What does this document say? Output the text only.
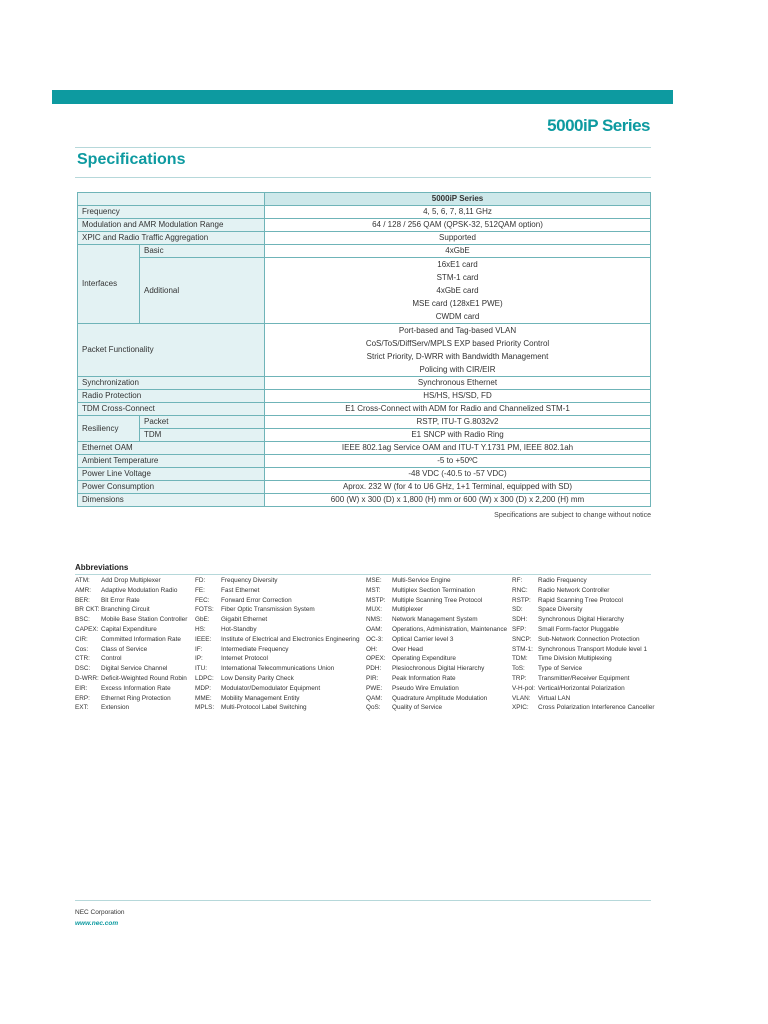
5000iP Series
Specifications
		5000iP Series
Frequency		4, 5, 6, 7, 8,11 GHz
Modulation and AMR Modulation Range		64 / 128 / 256 QAM (QPSK-32, 512QAM option)
XPIC and Radio Traffic Aggregation		Supported
Interfaces	Basic	4xGbE
	Additional	16xE1 card
STM-1 card
4xGbE card
MSE card (128xE1 PWE)
CWDM card

Packet Functionality		Port-based and Tag-based VLAN
CoS/ToS/DiffServ/MPLS EXP based Priority Control
Strict Priority, D-WRR with Bandwidth Management
Policing with CIR/EIR

Synchronization		Synchronous Ethernet
Radio Protection		HS/HS, HS/SD, FD
TDM Cross-Connect		E1 Cross-Connect with ADM for Radio and Channelized STM-1
Resiliency	Packet	RSTP, ITU-T G.8032v2
	TDM	E1 SNCP with Radio Ring
Ethernet OAM		IEEE 802.1ag Service OAM and ITU-T Y.1731 PM, IEEE 802.1ah
Ambient Temperature		-5 to +50ºC
Power Line Voltage		-48 VDC (-40.5 to -57 VDC)
Power Consumption		Aprox. 232 W (for 4 to U6 GHz, 1+1 Terminal, equipped with SD)
Dimensions		600 (W) x 300 (D) x 1,800 (H) mm or 600 (W) x 300 (D) x 2,200 (H) mm
Specifications are subject to change without notice
Abbreviations
ATM: Add Drop Multiplexer
AMR: Adaptive Modulation Radio
BER: Bit Error Rate
BR CKT:Branching Circuit
BSC: Mobile Base Station Controller
CAPEX: Capital Expenditure
CIR: Committed Information Rate
Cos: Class of Service
CTR: Control
DSC: Digital Service Channel
D-WRR: Deficit-Weighted Round Robin
EIR: Excess Information Rate
ERP: Ethernet Ring Protection
EXT: Extension
FD: Frequency Diversity
FE:	Fast Ethernet
FEC: Forward Error Correction
FOTS: Fiber Optic Transmission System
GbE: Gigabit Ethernet
HS: Hot-Standby
IEEE: Institute of Electrical and Electronics Engineering
IF:	Intermediate Frequency
IP:	Internet Protocol
ITU: International Telecommunications Union
LDPC: Low Density Parity Check
MDP: Modulator/Demodulator Equipment
MME: Mobility Management Entity
MPLS: Multi-Protocol Label Switching
MSE: Multi-Service Engine
MST: Multiplex Section Termination
MSTP: Multiple Scanning Tree Protocol
MUX: Multiplexer
NMS: Network Management System
OAM: Operations, Administration, Maintenance
OC-3: Optical Carrier level 3
OH: Over Head
OPEX: Operating Expenditure
PDH: Plesiochronous Digital Hierarchy
PIR: Peak Information Rate
PWE: Pseudo Wire Emulation
QAM: Quadrature Amplitude Modulation
QoS: Quality of Service
RF: Radio Frequency
RNC: Radio Network Controller
RSTP: Rapid Scanning Tree Protocol
SD: Space Diversity
SDH: Synchronous Digital Hierarchy
SFP: Small Form-factor Pluggable
SNCP: Sub-Network Connection Protection
STM-1: Synchronous Transport Module level 1
TDM: Time Division Multiplexing
ToS: Type of Service
TRP: Transmitter/Receiver Equipment
V-H-pol: Vertical/Horizontal Polarization
VLAN: Virtual LAN
XPIC: Cross Polarization Interference Canceller
NEC Corporation
www.nec.com
